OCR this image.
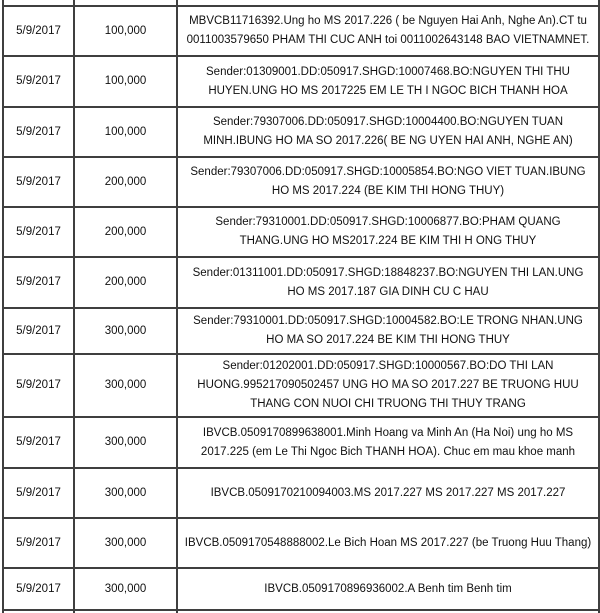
5/9/2017	100,000	MBVCB11716392.Ung ho MS 2017.226 ( be Nguyen Hai Anh, Nghe An).CT tu 0011003579650 PHAM THI CUC ANH toi 0011002643148 BAO VIETNAMNET.
5/9/2017	100,000	Sender:01309001.DD:050917.SHGD:10007468.BO:NGUYEN THI THU HUYEN.UNG HO MS 2017225 EM LE TH I NGOC BICH THANH HOA
5/9/2017	100,000	Sender:79307006.DD:050917.SHGD:10004400.BO:NGUYEN TUAN MINH.IBUNG HO MA SO 2017.226( BE NG UYEN HAI ANH, NGHE AN)
5/9/2017	200,000	Sender:79307006.DD:050917.SHGD:10005854.BO:NGO VIET TUAN.IBUNG HO MS 2017.224 (BE KIM THI HONG THUY)
5/9/2017	200,000	Sender:79310001.DD:050917.SHGD:10006877.BO:PHAM QUANG THANG.UNG HO MS2017.224 BE KIM THI H ONG THUY
5/9/2017	200,000	Sender:01311001.DD:050917.SHGD:18848237.BO:NGUYEN THI LAN.UNG HO MS 2017.187 GIA DINH CU C HAU
5/9/2017	300,000	Sender:79310001.DD:050917.SHGD:10004582.BO:LE TRONG NHAN.UNG HO MA SO 2017.224 BE KIM THI HONG THUY
5/9/2017	300,000	Sender:01202001.DD:050917.SHGD:10000567.BO:DO THI LAN HUONG.995217090502457 UNG HO MA SO 2017.227 BE TRUONG HUU THANG CON NUOI CHI TRUONG THI THUY TRANG
5/9/2017	300,000	IBVCB.0509170899638001.Minh Hoang va Minh An (Ha Noi) ung ho MS 2017.225 (em Le Thi Ngoc Bich THANH HOA). Chuc em mau khoe manh
5/9/2017	300,000	IBVCB.0509170210094003.MS 2017.227 MS 2017.227 MS 2017.227
5/9/2017	300,000	IBVCB.0509170548888002.Le Bich Hoan MS 2017.227 (be Truong Huu Thang)
5/9/2017	300,000	IBVCB.0509170896936002.A Benh tim Benh tim
